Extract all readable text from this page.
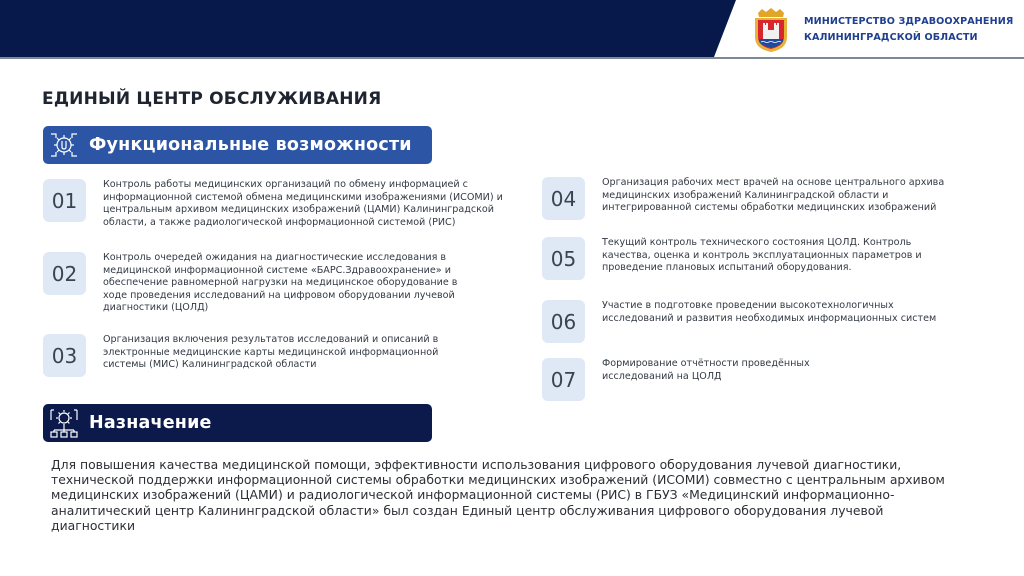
МИНИСТЕРСТВО ЗДРАВООХРАНЕНИЯ
КАЛИНИНГРАДСКОЙ ОБЛАСТИ
ЕДИНЫЙ ЦЕНТР ОБСЛУЖИВАНИЯ
Функциональные возможности
01
Контроль работы медицинских организаций по обмену информацией с информационной системой обмена медицинскими изображениями (ИСОМИ) и центральным архивом медицинских изображений (ЦАМИ) Калининградской области, а также радиологической информационной системой (РИС)
02
Контроль очередей ожидания на диагностические исследования в медицинской информационной системе «БАРС.Здравоохранение» и обеспечение равномерной нагрузки на медицинское оборудование в ходе проведения исследований на цифровом оборудовании лучевой диагностики (ЦОЛД)
03
Организация включения результатов исследований и описаний в электронные медицинские карты медицинской информационной системы (МИС) Калининградской области
04
Организация рабочих мест врачей на основе центрального архива медицинских изображений Калининградской области и интегрированной системы обработки медицинских изображений
05
Текущий контроль технического состояния ЦОЛД. Контроль качества, оценка и контроль эксплуатационных параметров и проведение плановых испытаний оборудования.
06
Участие в подготовке проведении высокотехнологичных исследований и развития необходимых информационных систем
07
Формирование отчётности проведённых исследований на ЦОЛД
Назначение
Для повышения качества медицинской помощи, эффективности использования цифрового оборудования лучевой диагностики, технической поддержки информационной системы обработки медицинских изображений (ИСОМИ) совместно с центральным архивом медицинских изображений (ЦАМИ) и радиологической информационной системы (РИС) в ГБУЗ «Медицинский информационно-аналитический центр Калининградской области» был создан Единый центр обслуживания цифрового оборудования лучевой диагностики
